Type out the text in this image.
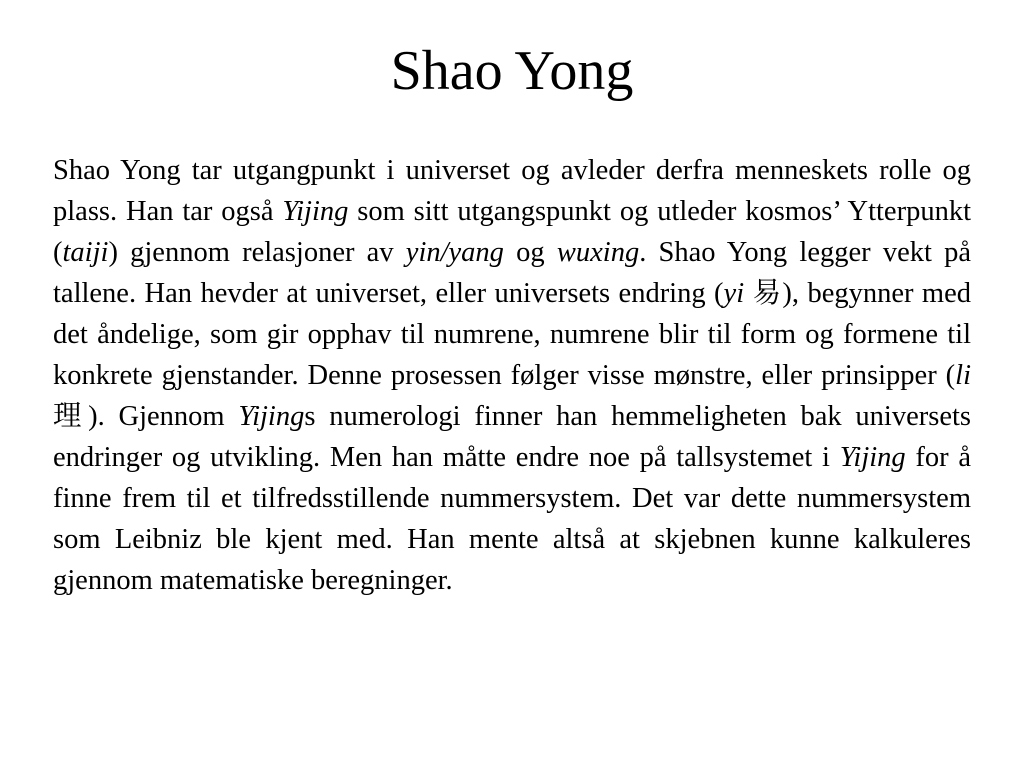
Shao Yong

Shao Yong tar utgangpunkt i universet og avleder derfra menneskets rolle og plass. Han tar også Yijing som sitt utgangspunkt og utleder kosmos’ Ytterpunkt (taiji) gjennom relasjoner av yin/yang og wuxing. Shao Yong legger vekt på tallene. Han hevder at universet, eller universets endring (yi 易), begynner med det åndelige, som gir opphav til numrene, numrene blir til form og formene til konkrete gjenstander. Denne prosessen følger visse mønstre, eller prinsipper (li 理). Gjennom Yijings numerologi finner han hemmeligheten bak universets endringer og utvikling. Men han måtte endre noe på tallsystemet i Yijing for å finne frem til et tilfredsstillende nummersystem. Det var dette nummersystem som Leibniz ble kjent med. Han mente altså at skjebnen kunne kalkuleres gjennom matematiske beregninger.
